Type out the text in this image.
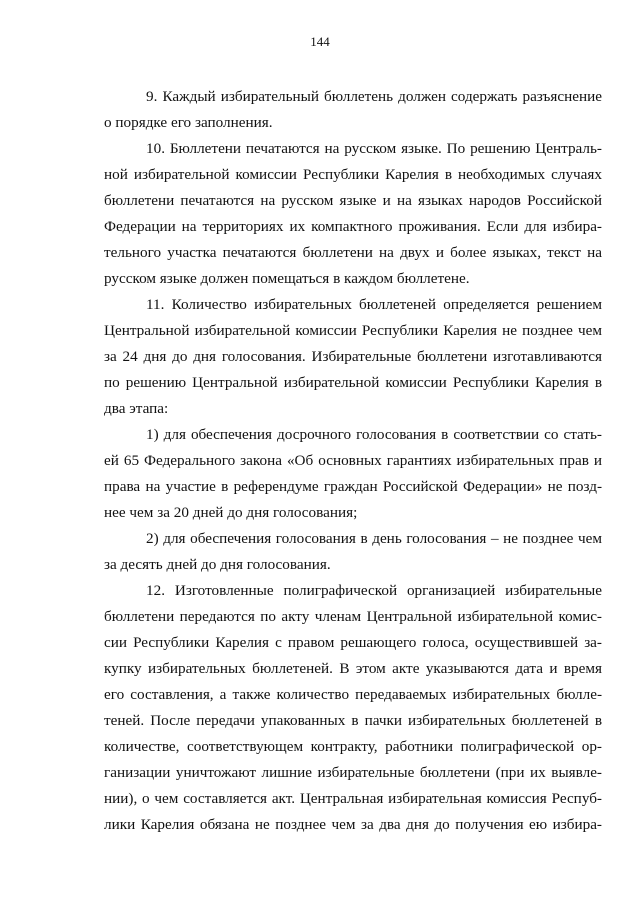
144
9. Каждый избирательный бюллетень должен содержать разъяснение
о порядке его заполнения.
10. Бюллетени печатаются на русском языке. По решению Централь-
ной избирательной комиссии Республики Карелия в необходимых случаях
бюллетени печатаются на русском языке и на языках народов Российской
Федерации на территориях их компактного проживания. Если для избира-
тельного участка печатаются бюллетени на двух и более языках, текст на
русском языке должен помещаться в каждом бюллетене.
11. Количество избирательных бюллетеней определяется решением
Центральной избирательной комиссии Республики Карелия не позднее чем
за 24 дня до дня голосования. Избирательные бюллетени изготавливаются
по решению Центральной избирательной комиссии Республики Карелия в
два этапа:
1) для обеспечения досрочного голосования в соответствии со стать-
ей 65 Федерального закона «Об основных гарантиях избирательных прав и
права на участие в референдуме граждан Российской Федерации» не позд-
нее чем за 20 дней до дня голосования;
2) для обеспечения голосования в день голосования – не позднее чем
за десять дней до дня голосования.
12. Изготовленные полиграфической организацией избирательные
бюллетени передаются по акту членам Центральной избирательной комис-
сии Республики Карелия с правом решающего голоса, осуществившей за-
купку избирательных бюллетеней. В этом акте указываются дата и время
его составления, а также количество передаваемых избирательных бюлле-
теней. После передачи упакованных в пачки избирательных бюллетеней в
количестве, соответствующем контракту, работники полиграфической ор-
ганизации уничтожают лишние избирательные бюллетени (при их выявле-
нии), о чем составляется акт. Центральная избирательная комиссия Респуб-
лики Карелия обязана не позднее чем за два дня до получения ею избира-
